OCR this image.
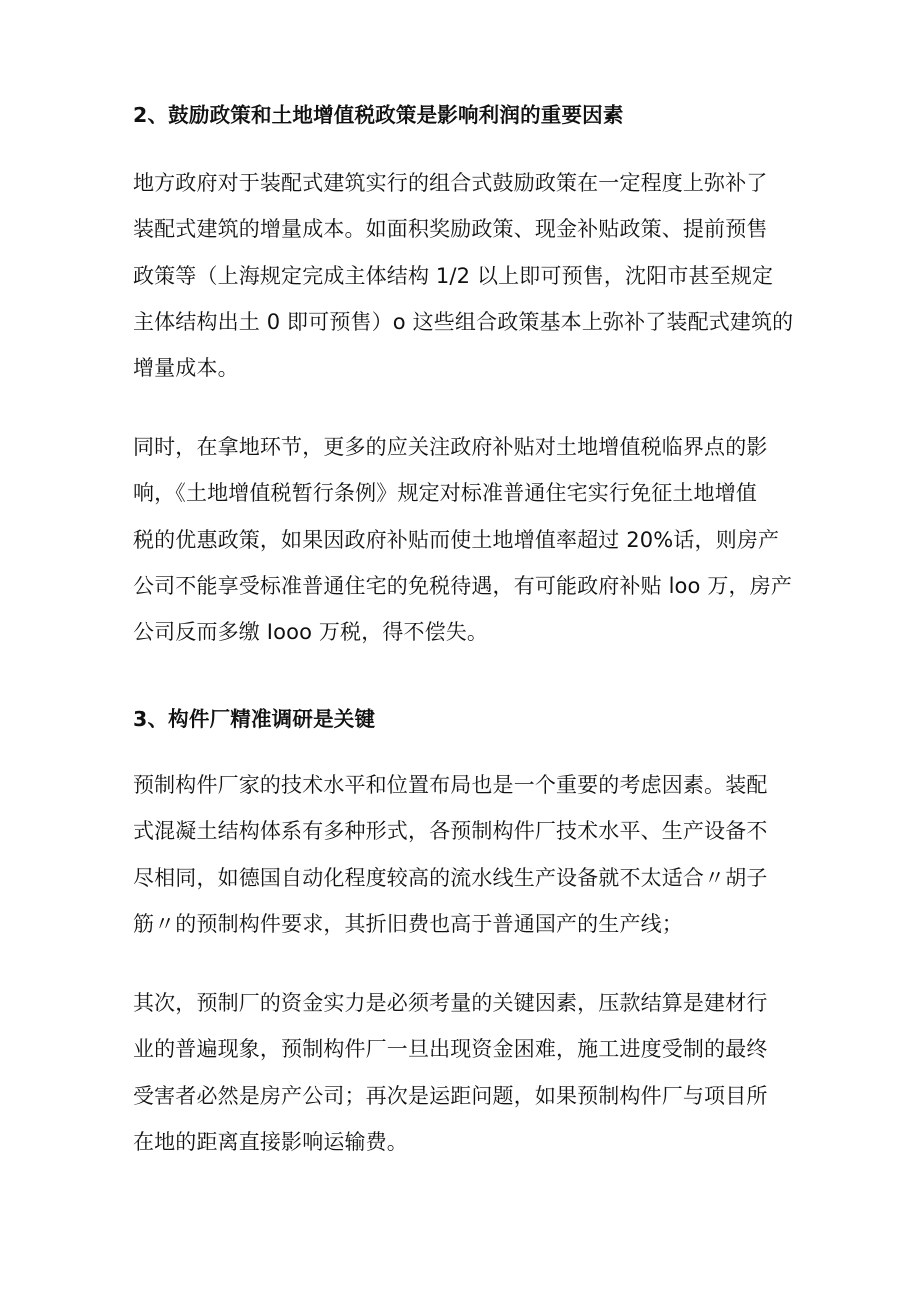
2、鼓励政策和土地增值税政策是影响利润的重要因素
地方政府对于装配式建筑实行的组合式鼓励政策在一定程度上弥补了
装配式建筑的增量成本。如面积奖励政策、现金补贴政策、提前预售
政策等（上海规定完成主体结构 1/2 以上即可预售，沈阳市甚至规定
主体结构出土 0 即可预售）o 这些组合政策基本上弥补了装配式建筑的
增量成本。
同时，在拿地环节，更多的应关注政府补贴对土地增值税临界点的影
响，《土地增值税暂行条例》规定对标准普通住宅实行免征土地增值
税的优惠政策，如果因政府补贴而使土地增值率超过 20%话，则房产
公司不能享受标准普通住宅的免税待遇，有可能政府补贴 loo 万，房产
公司反而多缴 Iooo 万税，得不偿失。
3、构件厂精准调研是关键
预制构件厂家的技术水平和位置布局也是一个重要的考虑因素。装配
式混凝土结构体系有多种形式，各预制构件厂技术水平、生产设备不
尽相同，如德国自动化程度较高的流水线生产设备就不太适合〃胡子
筋〃的预制构件要求，其折旧费也高于普通国产的生产线；
其次，预制厂的资金实力是必须考量的关键因素，压款结算是建材行
业的普遍现象，预制构件厂一旦出现资金困难，施工进度受制的最终
受害者必然是房产公司；再次是运距问题，如果预制构件厂与项目所
在地的距离直接影响运输费。
